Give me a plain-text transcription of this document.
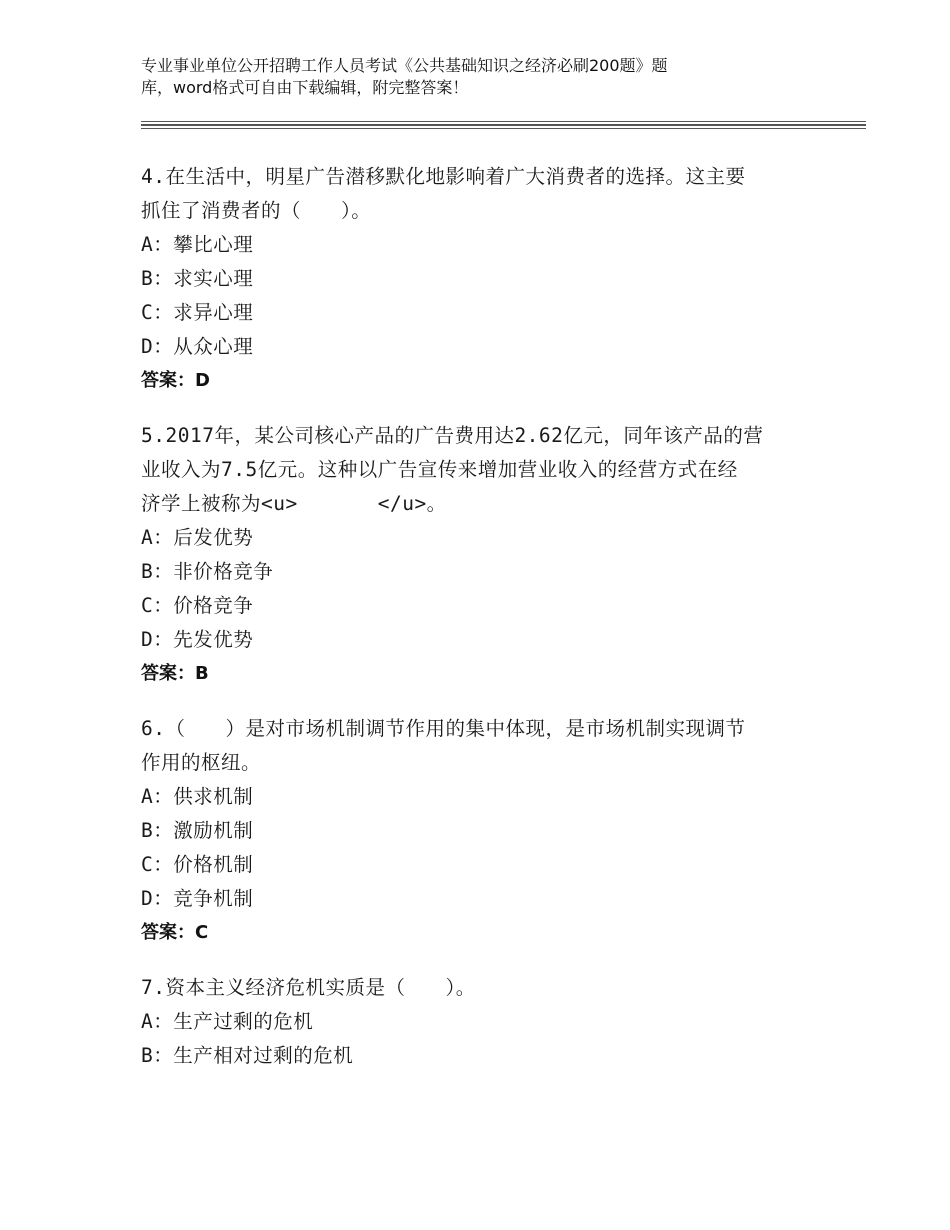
专业事业单位公开招聘工作人员考试《公共基础知识之经济必刷200题》题
库，word格式可自由下载编辑，附完整答案！
4.在生活中，明星广告潜移默化地影响着广大消费者的选择。这主要
抓住了消费者的（　　）。
A：攀比心理
B：求实心理
C：求异心理
D：从众心理
答案：D
5.2017年，某公司核心产品的广告费用达2.62亿元，同年该产品的营
业收入为7.5亿元。这种以广告宣传来增加营业收入的经营方式在经
济学上被称为<u>　　　　</u>。
A：后发优势
B：非价格竞争
C：价格竞争
D：先发优势
答案：B
6.（　　）是对市场机制调节作用的集中体现，是市场机制实现调节
作用的枢纽。
A：供求机制
B：激励机制
C：价格机制
D：竞争机制
答案：C
7.资本主义经济危机实质是（　　）。
A：生产过剩的危机
B：生产相对过剩的危机
